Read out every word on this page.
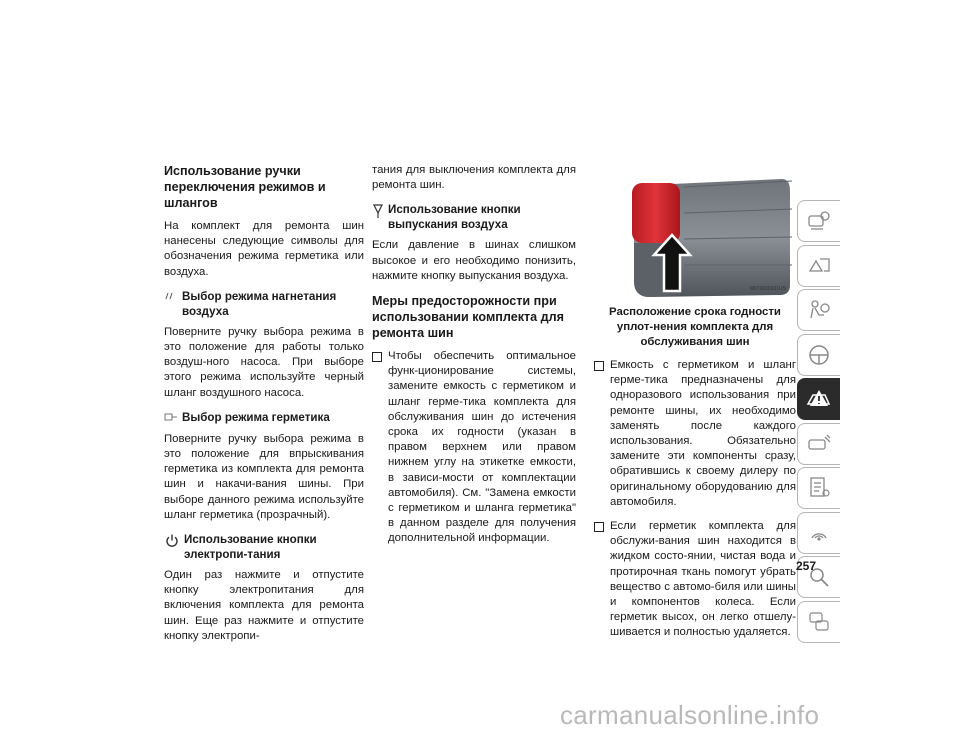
Использование ручки переключения режимов и шлангов

На комплект для ремонта шин нанесены следующие символы для обозначения режима герметика или воздуха.

Выбор режима нагнетания воздуха

Поверните ручку выбора режима в это положение для работы только воздуш-ного насоса. При выборе этого режима используйте черный шланг воздушного насоса.

Выбор режима герметика

Поверните ручку выбора режима в это положение для впрыскивания герметика из комплекта для ремонта шин и накачи-вания шины. При выборе данного режима используйте шланг герметика (прозрачный).

Использование кнопки электропи-тания

Один раз нажмите и отпустите кнопку электропитания для включения комплекта для ремонта шин. Еще раз нажмите и отпустите кнопку электропи-

тания для выключения комплекта для ремонта шин.

Использование кнопки выпускания воздуха

Если давление в шинах слишком высокое и его необходимо понизить, нажмите кнопку выпускания воздуха.

Меры предосторожности при использовании комплекта для ремонта шин
Чтобы обеспечить оптимальное функ-ционирование системы, замените емкость с герметиком и шланг герме-тика комплекта для обслуживания шин до истечения срока их годности (указан в правом верхнем или правом нижнем углу на этикетке емкости, в зависи-мости от комплектации автомобиля). См. "Замена емкости с герметиком и шланга герметика" в данном разделе для получения дополнительной информации.
M070000031US
Расположение срока годности уплот-нения комплекта для обслуживания шин
Емкость с герметиком и шланг герме-тика предназначены для одноразового использования при ремонте шины, их необходимо заменять после каждого использования. Обязательно замените эти компоненты сразу, обратившись к своему дилеру по оригинальному оборудованию для автомобиля.
Если герметик комплекта для обслужи-вания шин находится в жидком состо-янии, чистая вода и протирочная ткань помогут убрать вещество с автомо-биля или шины и компонентов колеса. Если герметик высох, он легко отшелу-шивается и полностью удаляется.
257
carmanualsonline.info
